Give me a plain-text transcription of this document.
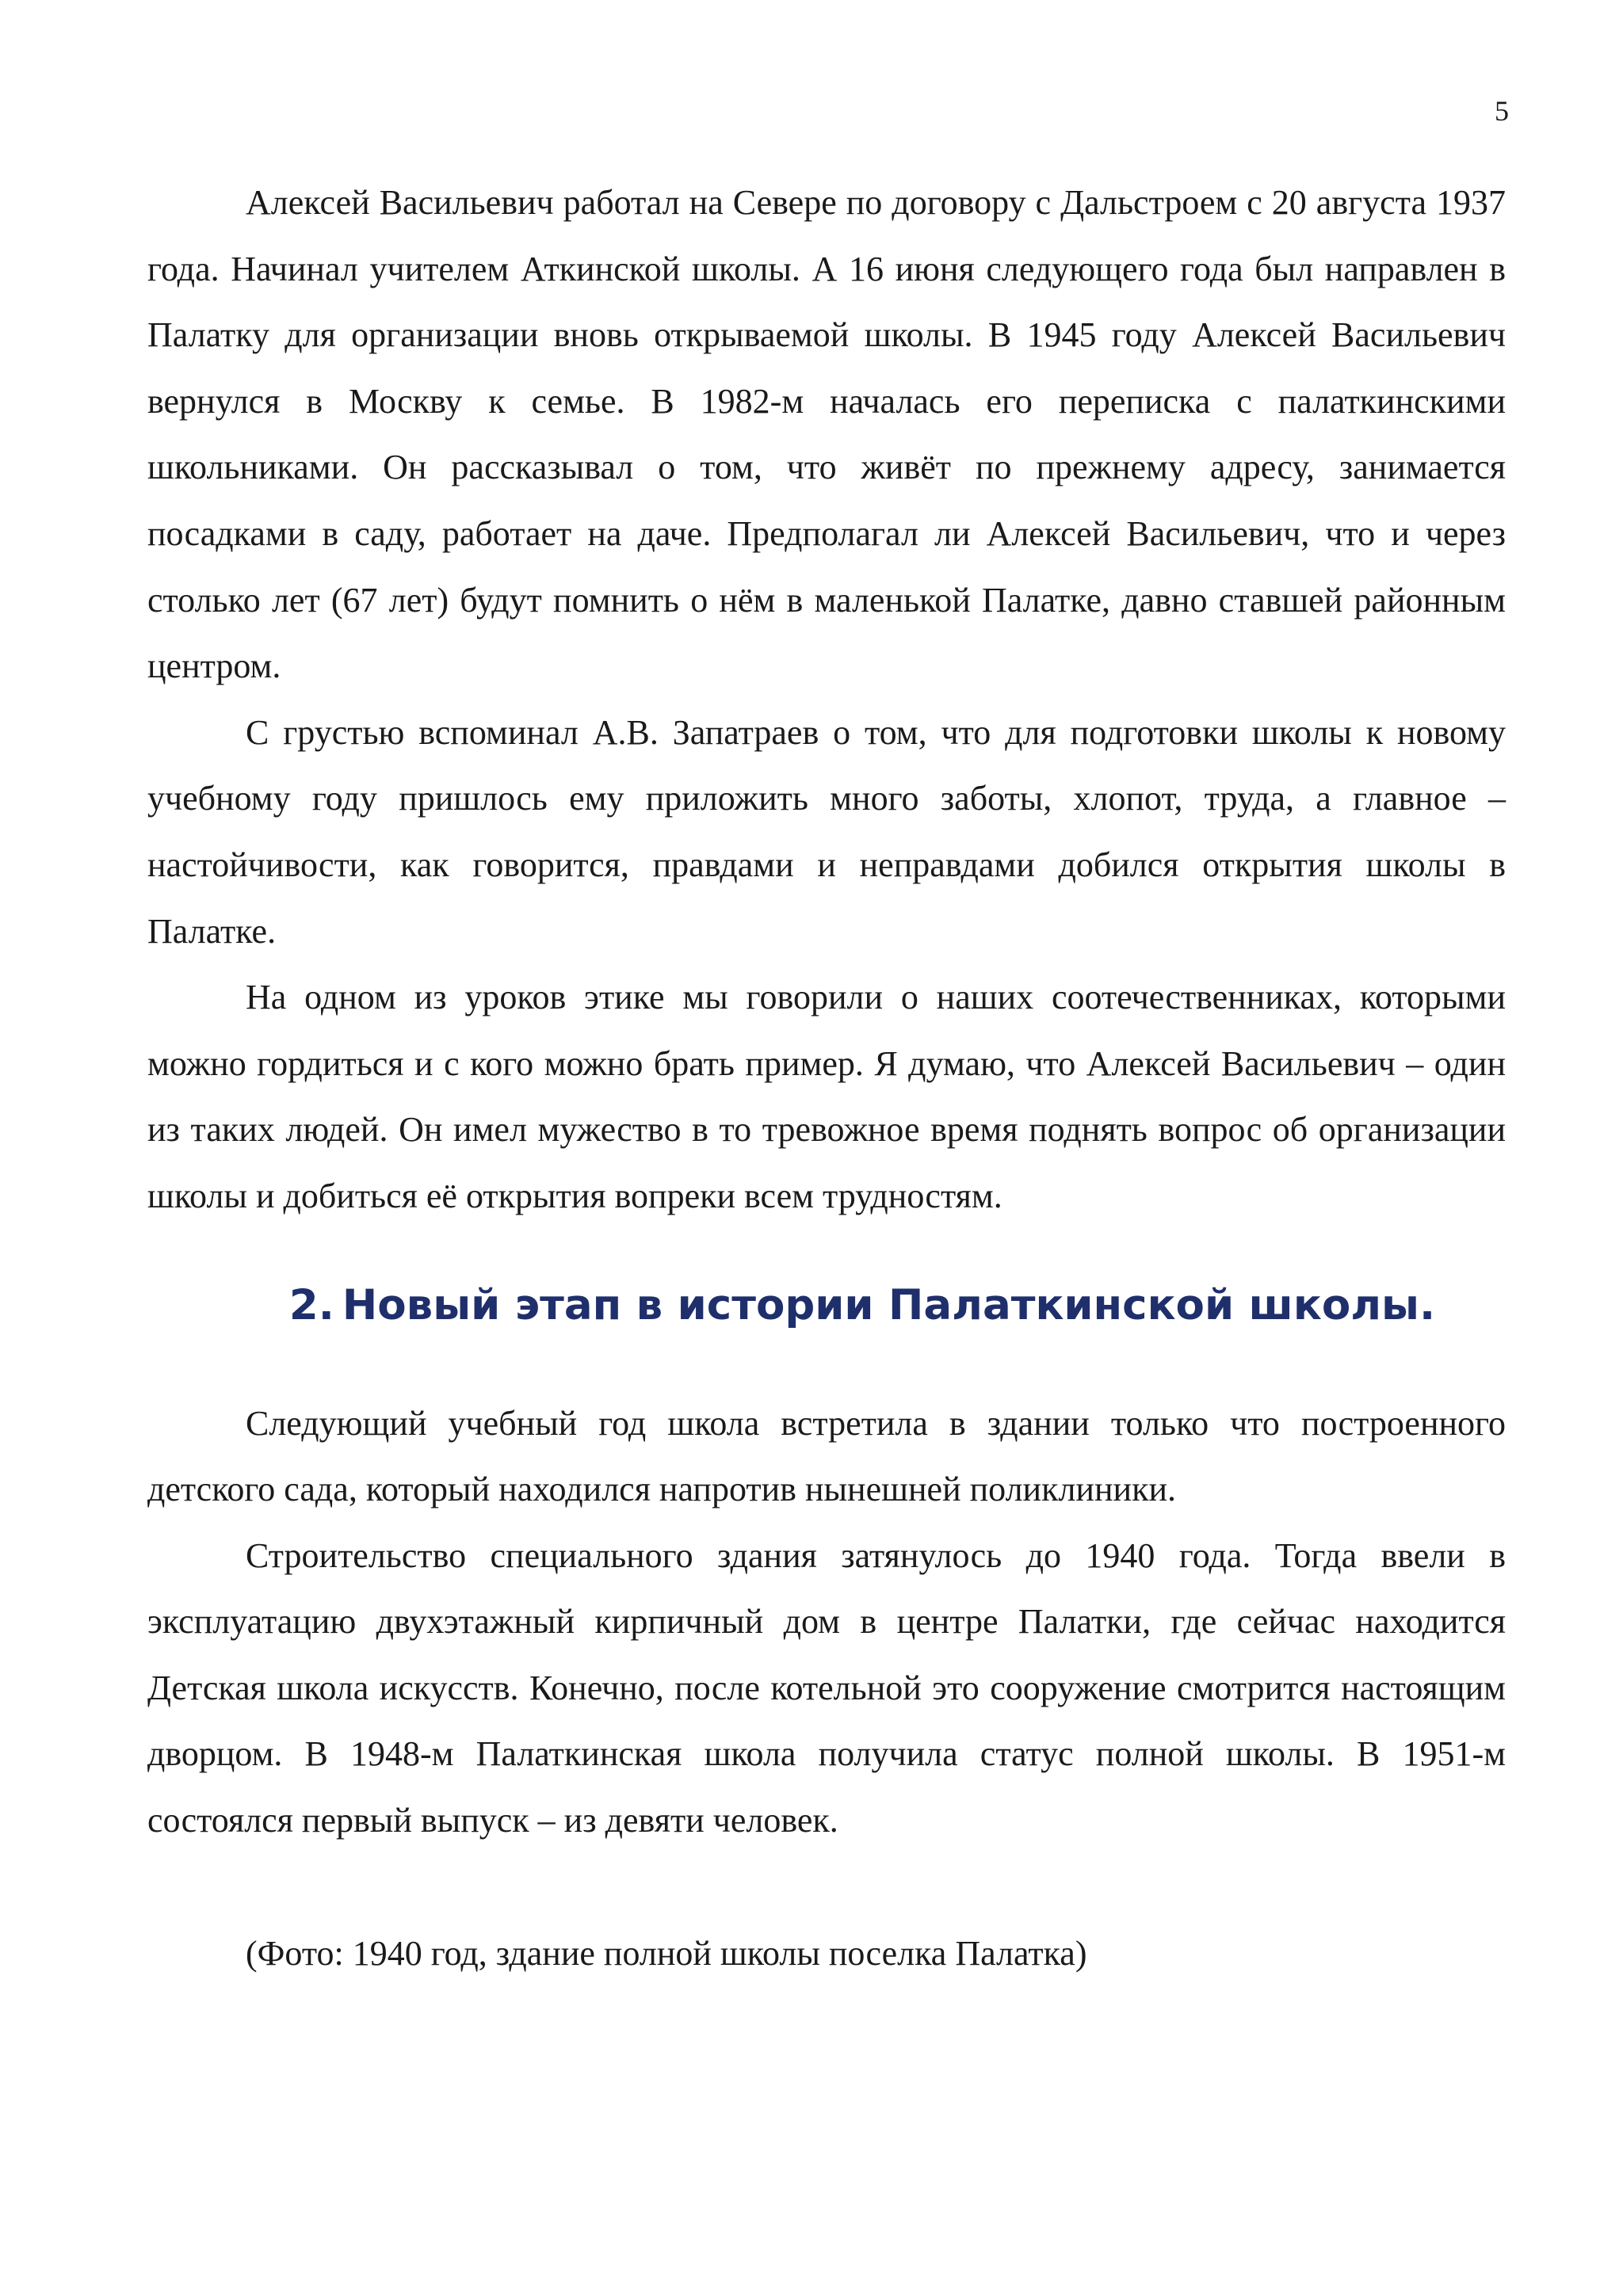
5

Алексей Васильевич работал на Севере по договору с Дальстроем с 20 августа 1937 года. Начинал учителем Аткинской школы. А 16 июня следующего года был направлен в Палатку для организации вновь открываемой школы. В 1945 году Алексей Васильевич вернулся в Москву к семье. В 1982-м началась его переписка с палаткинскими школьниками. Он рассказывал о том, что живёт по прежнему адресу, занимается посадками в саду, работает на даче. Предполагал ли Алексей Васильевич, что и через столько лет (67 лет) будут помнить о нём в маленькой Палатке, давно ставшей районным центром.

С грустью вспоминал А.В. Запатраев о том, что для подготовки школы к новому учебному году пришлось ему приложить много заботы, хлопот, труда, а главное – настойчивости, как говорится, правдами и неправдами добился открытия школы в Палатке.

На одном из уроков этике мы говорили о наших соотечественниках, которыми можно гордиться и с кого можно брать пример. Я думаю, что Алексей Васильевич – один из таких людей. Он имел мужество в то тревожное время поднять вопрос об организации школы и добиться её открытия вопреки всем трудностям.

2. Новый этап в истории Палаткинской школы.

Следующий учебный год школа встретила в здании только что построенного детского сада, который находился напротив нынешней поликлиники.

Строительство специального здания затянулось до 1940 года. Тогда ввели в эксплуатацию двухэтажный кирпичный дом в центре Палатки, где сейчас находится Детская школа искусств. Конечно, после котельной это сооружение смотрится настоящим дворцом. В 1948-м Палаткинская школа получила статус полной школы. В 1951-м состоялся первый выпуск – из девяти человек.

(Фото: 1940 год, здание полной школы поселка Палатка)
